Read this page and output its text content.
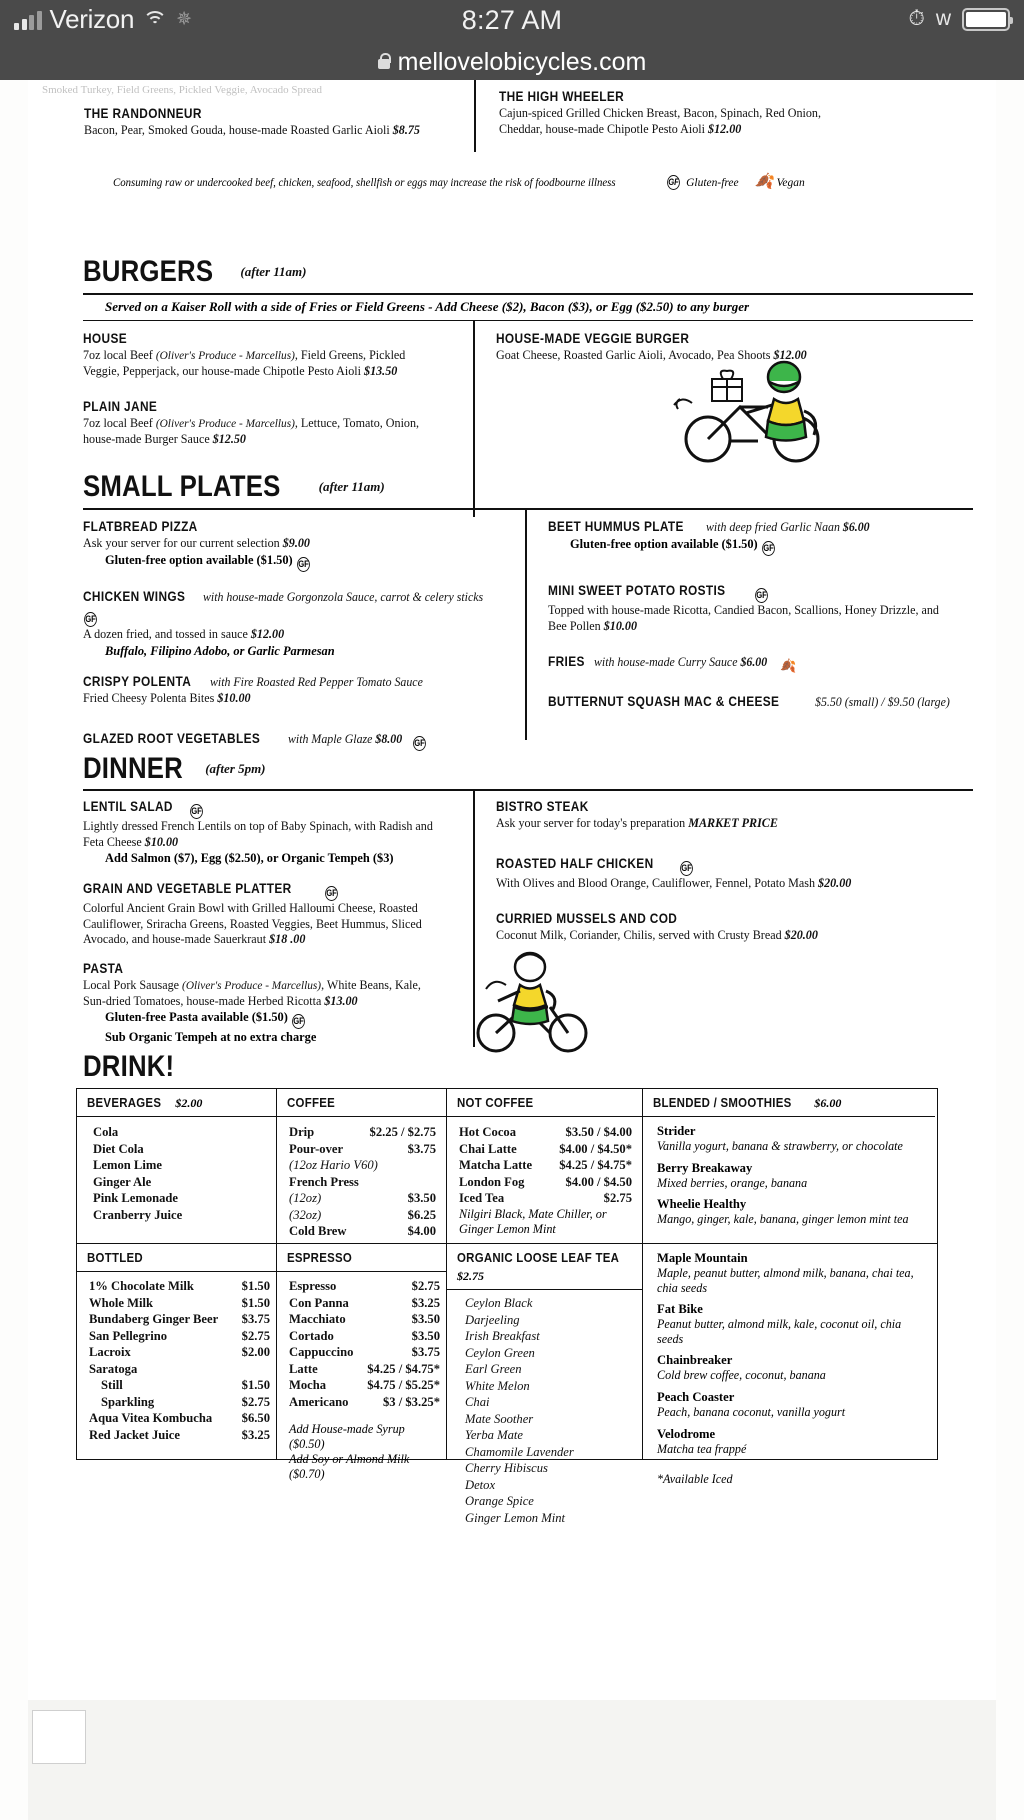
Verizon ✵	8:27 AM	⏱ w
mellovelobicycles.com
Smoked Turkey, Field Greens, Pickled Veggie, Avocado Spread
THE RANDONNEUR
Bacon, Pear, Smoked Gouda, house-made Roasted Garlic Aioli $8.75
THE HIGH WHEELER
Cajun-spiced Grilled Chicken Breast, Bacon, Spinach, Red Onion, Cheddar, house-made Chipotle Pesto Aioli $12.00
Consuming raw or undercooked beef, chicken, seafood, shellfish or eggs may increase the risk of foodbourne illness	GF Gluten-free 🍂 Vegan
BURGERS $^{(after 11am)}$
Served on a Kaiser Roll with a side of Fries or Field Greens - Add Cheese ($2), Bacon ($3), or Egg ($2.50) to any burger
HOUSE
7oz local Beef (Oliver's Produce - Marcellus), Field Greens, Pickled Veggie, Pepperjack, our house-made Chipotle Pesto Aioli $13.50
PLAIN JANE
7oz local Beef (Oliver's Produce - Marcellus), Lettuce, Tomato, Onion, house-made Burger Sauce $12.50
HOUSE-MADE VEGGIE BURGER
Goat Cheese, Roasted Garlic Aioli, Avocado, Pea Shoots $12.00
SMALL PLATES	$^{(after 11am)}$
FLATBREAD PIZZA
Ask your server for our current selection $9.00
Gluten-free option available ($1.50) GF
CHICKEN WINGS with house-made Gorgonzola Sauce, carrot & celery sticks GF
A dozen fried, and tossed in sauce $12.00
Buffalo, Filipino Adobo, or Garlic Parmesan
CRISPY POLENTA with Fire Roasted Red Pepper Tomato Sauce
Fried Cheesy Polenta Bites $10.00
GLAZED ROOT VEGETABLES with Maple Glaze $8.00 GF
BEET HUMMUS PLATE with deep fried Garlic Naan $6.00
Gluten-free option available ($1.50) GF
MINI SWEET POTATO ROSTIS	GF
Topped with house-made Ricotta, Candied Bacon, Scallions, Honey Drizzle, and Bee Pollen $10.00
FRIES with house-made Curry Sauce $6.00 🍂
BUTTERNUT SQUASH MAC & CHEESE	$5.50 (small) / $9.50 (large)
DINNER $^{(after 5pm)}$
LENTIL SALAD GF
Lightly dressed French Lentils on top of Baby Spinach, with Radish and Feta Cheese $10.00
Add Salmon ($7), Egg ($2.50), or Organic Tempeh ($3)
GRAIN AND VEGETABLE PLATTER	GF
Colorful Ancient Grain Bowl with Grilled Halloumi Cheese, Roasted Cauliflower, Sriracha Greens, Roasted Veggies, Beet Hummus, Sliced Avocado, and house-made Sauerkraut $18 .00
PASTA
Local Pork Sausage (Oliver's Produce - Marcellus), White Beans, Kale, Sun-dried Tomatoes, house-made Herbed Ricotta $13.00
Gluten-free Pasta available ($1.50) GF
Sub Organic Tempeh at no extra charge
BISTRO STEAK
Ask your server for today's preparation MARKET PRICE
ROASTED HALF CHICKEN	GF
With Olives and Blood Orange, Cauliflower, Fennel, Potato Mash $20.00
CURRIED MUSSELS AND COD
Coconut Milk, Coriander, Chilis, served with Crusty Bread $20.00
DRINK!
BEVERAGES $2.00
Cola
Diet Cola
Lemon Lime
Ginger Ale
Pink Lemonade
Cranberry Juice
COFFEE
Drip	$2.25 / $2.75
Pour-over	$3.75
(12oz Hario V60)
French Press
(12oz)	$3.50
(32oz)	$6.25
Cold Brew	$4.00
NOT COFFEE
Hot Cocoa	$3.50 / $4.00
Chai Latte	$4.00 / $4.50*
Matcha Latte	$4.25 / $4.75*
London Fog	$4.00 / $4.50
Iced Tea	$2.75
Nilgiri Black, Mate Chiller, or Ginger Lemon Mint
BLENDED / SMOOTHIES $6.00
Strider
Vanilla yogurt, banana & strawberry, or chocolate
Berry Breakaway
Mixed berries, orange, banana
Wheelie Healthy
Mango, ginger, kale, banana, ginger lemon mint tea
BOTTLED
1% Chocolate Milk	$1.50
Whole Milk	$1.50
Bundaberg Ginger Beer	$3.75
San Pellegrino	$2.75
Lacroix	$2.00
Saratoga
Still	$1.50
Sparkling	$2.75
Aqua Vitea Kombucha	$6.50
Red Jacket Juice	$3.25
ESPRESSO
Espresso	$2.75
Con Panna	$3.25
Macchiato	$3.50
Cortado	$3.50
Cappuccino	$3.75
Latte	$4.25 / $4.75*
Mocha	$4.75 / $5.25*
Americano	$3 / $3.25*
Add House-made Syrup ($0.50)
Add Soy or Almond Milk ($0.70)
ORGANIC LOOSE LEAF TEA $2.75
Ceylon Black
Darjeeling
Irish Breakfast
Ceylon Green
Earl Green
White Melon
Chai
Mate Soother
Yerba Mate
Chamomile Lavender
Cherry Hibiscus
Detox
Orange Spice
Ginger Lemon Mint
Maple Mountain
Maple, peanut butter, almond milk, banana, chai tea, chia seeds
Fat Bike
Peanut butter, almond milk, kale, coconut oil, chia seeds
Chainbreaker
Cold brew coffee, coconut, banana
Peach Coaster
Peach, banana coconut, vanilla yogurt
Velodrome
Matcha tea frappé
*Available Iced
